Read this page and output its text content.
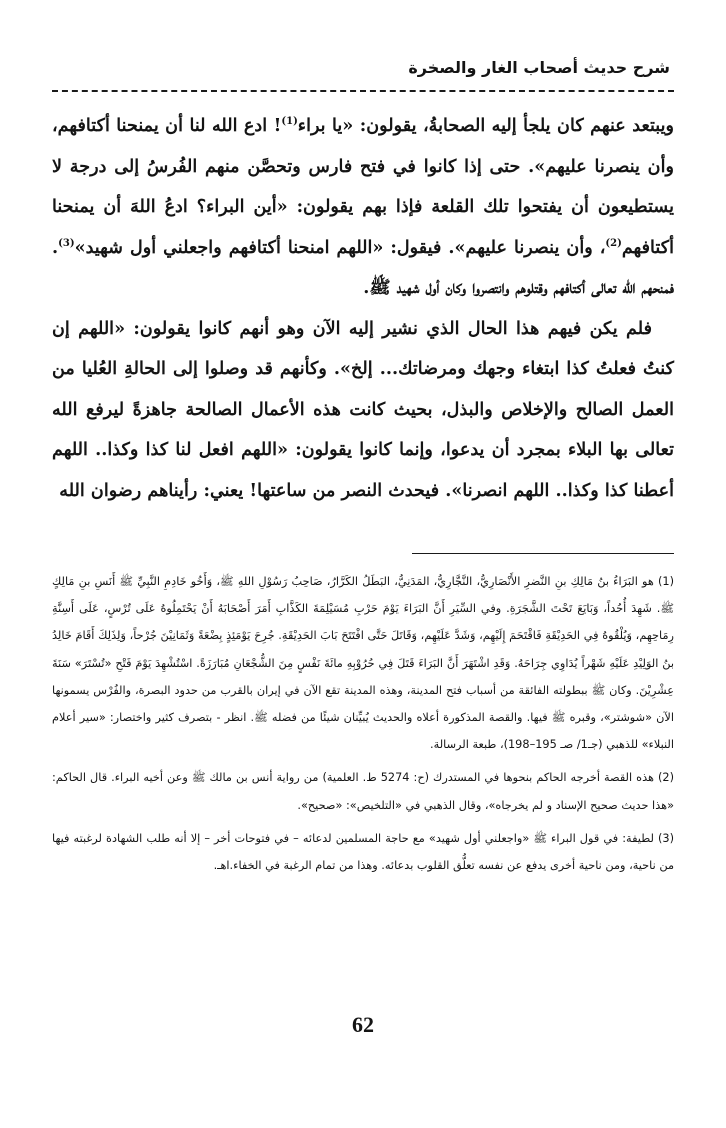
شرح حديث أصحاب الغار والصخرة

ويبتعد عنهم كان يلجأ إليه الصحابةُ، يقولون: «يا براء$^{(1)}$! ادع الله لنا أن يمنحنا أكتافهم، وأن ينصرنا عليهم». حتى إذا كانوا في فتح فارس وتحصَّن منهم الفُرسُ إلى درجة لا يستطيعون أن يفتحوا تلك القلعة فإذا بهم يقولون: «أين البراء؟ ادعُ اللهَ أن يمنحنا أكتافهم$^{(2)}$، وأن ينصرنا عليهم». فيقول: «اللهم امنحنا أكتافهم واجعلني أول شهيد»$^{(3)}$. فمنحهم الله تعالى أكتافهم وقتلوهم وانتصروا وكان أول شهيد ﷺ.

فلم يكن فيهم هذا الحال الذي نشير إليه الآن وهو أنهم كانوا يقولون: «اللهم إن كنتُ فعلتُ كذا ابتغاء وجهك ومرضاتك... إلخ». وكأنهم قد وصلوا إلى الحالةِ العُليا من العمل الصالح والإخلاص والبذل، بحيث كانت هذه الأعمال الصالحة جاهزةً ليرفع الله تعالى بها البلاء بمجرد أن يدعوا، وإنما كانوا يقولون: «اللهم افعل لنا كذا وكذا.. اللهم أعطنا كذا وكذا.. اللهم انصرنا». فيحدث النصر من ساعتها! يعني: رأيناهم رضوان الله

(1) هو البَرَاءُ بنُ مَالِكِ بنِ النَّضرِ الأَنْصَارِيُّ، النَّجَّارِيُّ، المَدَنِيُّ، البَطَلُ الكَرَّارُ، صَاحِبُ رَسُوْلِ اللهِ ﷺ، وَأَخُو خَادِمِ النَّبِيِّ ﷺ أَنَسِ بنِ مَالِكٍ ﷺ. شَهِدَ أُحُداً، وَبَايَعَ تَحْتَ الشَّجَرَةِ. وفي السِّيَرِ أَنَّ البَرَاءَ يَوْمَ حَرْبِ مُسَيْلِمَةَ الكَذَّابِ أَمَرَ أَصْحَابَهُ أَنْ يَحْتَمِلُوهُ عَلَى تُرْسٍ، عَلَى أَسِنَّةِ رِمَاحِهِم، وَيُلْقُوهُ فِي الحَدِيْقَةِ فَاقْتَحَمَ إِلَيْهِم، وَشَدَّ عَلَيْهِم، وَقَاتَلَ حَتَّى افْتَتَحَ بَابَ الحَدِيْقَةِ. جُرِحَ يَوْمَئِذٍ بِضْعَةً وَثَمَانِيْنَ جُرْحاً، وَلِذَلِكَ أَقَامَ خَالِدُ بنُ الوَلِيْدِ عَلَيْهِ شَهْراً يُدَاوِي جِرَاحَهُ. وَقَدِ اشْتَهَرَ أَنَّ البَرَاءَ قَتَلَ فِي حُرُوْبِهِ مائَةَ نَفْسٍ مِنَ الشُّجْعَانِ مُبَارَزَةً. اسْتُشْهِدَ يَوْمَ فَتْحِ «تُسْتَرَ» سَنَةَ عِشْرِيْنَ. وكان ﷺ ببطولته الفائقة من أسباب فتح المدينة، وهذه المدينة تقع الآن في إيران بالقرب من حدود البصرة، والفُرْس يسمونها الآن «شوشتر»، وقبره ﷺ فيها. والقصة المذكورة أعلاه والحديث يُبيِّنان شيئًا من فضله ﷺ. انظر - بتصرف كثير واختصار: «سير أعلام النبلاء» للذهبي (جـ1/ صـ 195–198)، طبعة الرسالة.

(2) هذه القصة أخرجه الحاكم بنحوها في المستدرك (ح: 5274 ط. العلمية) من رواية أنس بن مالك ﷺ وعن أخيه البراء. قال الحاكم: «هذا حديث صحيح الإسناد و لم يخرجاه»، وقال الذهبي في «التلخيص»: «صحيح».

(3) لطيفة: في قول البراء ﷺ «واجعلني أول شهيد» مع حاجة المسلمين لدعائه – في فتوحات أخر – إلا أنه طلب الشهادة لرغبته فيها من ناحية، ومن ناحية أخرى يدفع عن نفسه تعلُّق القلوب بدعائه. وهذا من تمام الرغبة في الخفاء.اهـ.

62
